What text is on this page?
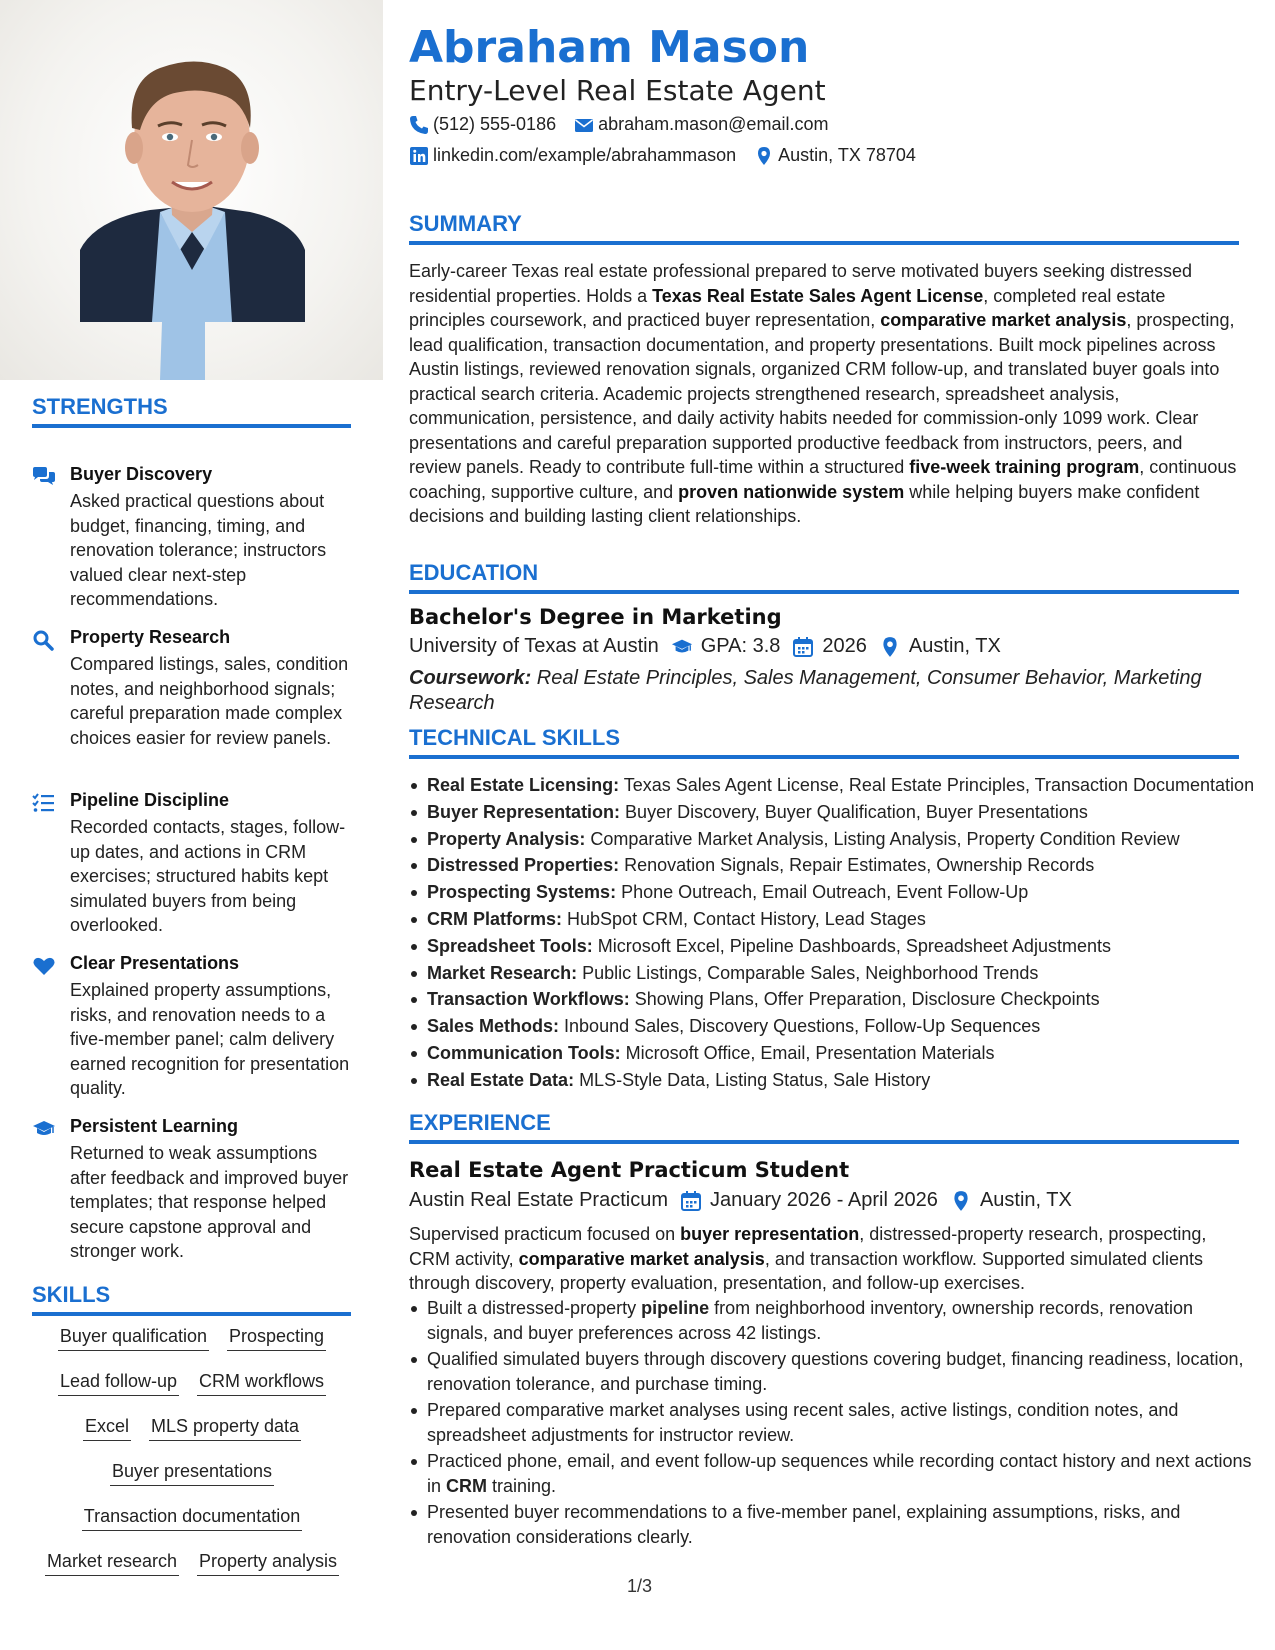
STRENGTHS
Buyer Discovery
Asked practical questions about budget, financing, timing, and renovation tolerance; instructors valued clear next-step recommendations.
Property Research
Compared listings, sales, condition notes, and neighborhood signals; careful preparation made complex choices easier for review panels.
Pipeline Discipline
Recorded contacts, stages, follow-up dates, and actions in CRM exercises; structured habits kept simulated buyers from being overlooked.
Clear Presentations
Explained property assumptions, risks, and renovation needs to a five-member panel; calm delivery earned recognition for presentation quality.
Persistent Learning
Returned to weak assumptions after feedback and improved buyer templates; that response helped secure capstone approval and stronger work.
SKILLS
Buyer qualification Prospecting
Lead follow-up CRM workflows
Excel MLS property data
Buyer presentations
Transaction documentation
Market research Property analysis
Abraham Mason
Entry-Level Real Estate Agent
(512) 555-0186 abraham.mason@email.com
linkedin.com/example/abrahammason Austin, TX 78704
SUMMARY
Early-career Texas real estate professional prepared to serve motivated buyers seeking distressed residential properties. Holds a Texas Real Estate Sales Agent License, completed real estate principles coursework, and practiced buyer representation, comparative market analysis, prospecting, lead qualification, transaction documentation, and property presentations. Built mock pipelines across Austin listings, reviewed renovation signals, organized CRM follow-up, and translated buyer goals into practical search criteria. Academic projects strengthened research, spreadsheet analysis, communication, persistence, and daily activity habits needed for commission-only 1099 work. Clear presentations and careful preparation supported productive feedback from instructors, peers, and review panels. Ready to contribute full-time within a structured five-week training program, continuous coaching, supportive culture, and proven nationwide system while helping buyers make confident decisions and building lasting client relationships.
EDUCATION
Bachelor's Degree in Marketing
University of Texas at Austin GPA: 3.8 2026 Austin, TX
Coursework: Real Estate Principles, Sales Management, Consumer Behavior, Marketing Research
TECHNICAL SKILLS
Real Estate Licensing: Texas Sales Agent License, Real Estate Principles, Transaction Documentation
Buyer Representation: Buyer Discovery, Buyer Qualification, Buyer Presentations
Property Analysis: Comparative Market Analysis, Listing Analysis, Property Condition Review
Distressed Properties: Renovation Signals, Repair Estimates, Ownership Records
Prospecting Systems: Phone Outreach, Email Outreach, Event Follow-Up
CRM Platforms: HubSpot CRM, Contact History, Lead Stages
Spreadsheet Tools: Microsoft Excel, Pipeline Dashboards, Spreadsheet Adjustments
Market Research: Public Listings, Comparable Sales, Neighborhood Trends
Transaction Workflows: Showing Plans, Offer Preparation, Disclosure Checkpoints
Sales Methods: Inbound Sales, Discovery Questions, Follow-Up Sequences
Communication Tools: Microsoft Office, Email, Presentation Materials
Real Estate Data: MLS-Style Data, Listing Status, Sale History
EXPERIENCE
Real Estate Agent Practicum Student
Austin Real Estate Practicum January 2026 - April 2026 Austin, TX
Supervised practicum focused on buyer representation, distressed-property research, prospecting, CRM activity, comparative market analysis, and transaction workflow. Supported simulated clients through discovery, property evaluation, presentation, and follow-up exercises.
Built a distressed-property pipeline from neighborhood inventory, ownership records, renovation signals, and buyer preferences across 42 listings.
Qualified simulated buyers through discovery questions covering budget, financing readiness, location, renovation tolerance, and purchase timing.
Prepared comparative market analyses using recent sales, active listings, condition notes, and spreadsheet adjustments for instructor review.
Practiced phone, email, and event follow-up sequences while recording contact history and next actions in CRM training.
Presented buyer recommendations to a five-member panel, explaining assumptions, risks, and renovation considerations clearly.
1/3
